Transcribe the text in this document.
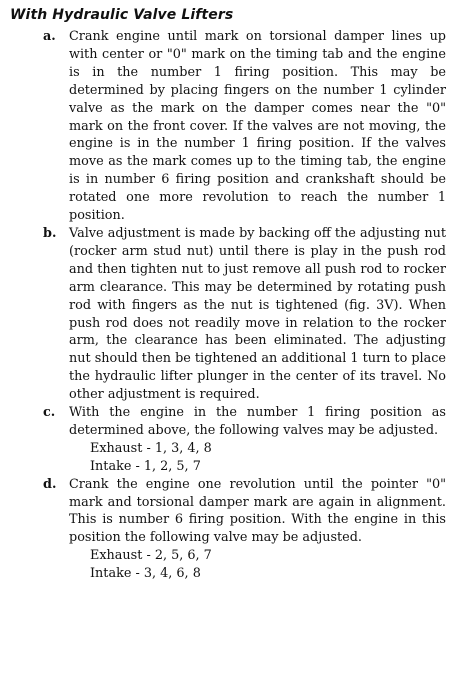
With Hydraulic Valve Lifters
a.	Crank engine until mark on torsional damper lines up with center or "0" mark on the timing tab and the engine is in the number 1 firing position. This may be determined by placing fingers on the number 1 cylinder valve as the mark on the damper comes near the "0" mark on the front cover. If the valves are not moving, the engine is in the number 1 firing position. If the valves move as the mark comes up to the timing tab, the engine is in number 6 firing position and crankshaft should be rotated one more revolution to reach the number 1 position.
b. Valve adjustment is made by backing off the adjusting nut (rocker arm stud nut) until there is play in the push rod and then tighten nut to just remove all push rod to rocker arm clearance. This may be determined by rotating push rod with fingers as the nut is tightened (fig. 3V). When push rod does not readily move in relation to the rocker arm, the clearance has been eliminated. The adjusting nut should then be tightened an additional 1 turn to place the hydraulic lifter plunger in the center of its travel. No other adjustment is required.
c.	With the engine in the number 1 firing position as determined above, the following valves may be adjusted.
Exhaust - 1, 3, 4, 8
Intake - 1, 2, 5, 7
d. Crank the engine one revolution until the pointer "0" mark and torsional damper mark are again in alignment. This is number 6 firing position. With the engine in this position the following valve may be adjusted.
Exhaust - 2, 5, 6, 7
Intake - 3, 4, 6, 8
